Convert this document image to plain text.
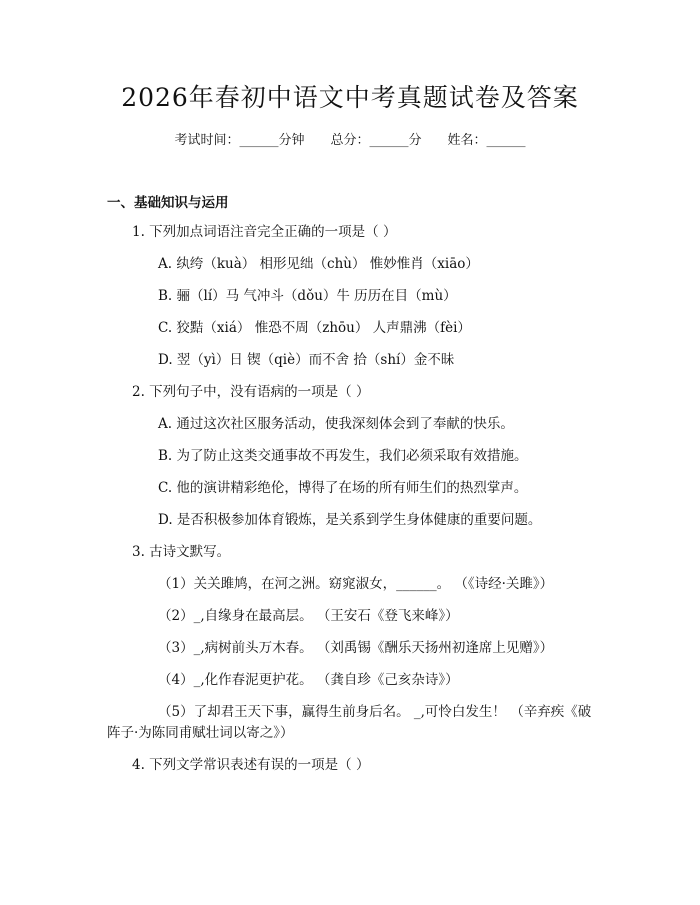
2026年春初中语文中考真题试卷及答案
考试时间：______分钟 总分：______分 姓名：______
一、基础知识与运用
1. 下列加点词语注音完全正确的一项是（ ）
A. 纨绔（kuà） 相形见绌（chù） 惟妙惟肖（xiāo）
B. 骊（lí）马 气冲斗（dǒu）牛 历历在目（mù）
C. 狡黠（xiá） 惟恐不周（zhōu） 人声鼎沸（fèi）
D. 翌（yì）日 锲（qiè）而不舍 拾（shí）金不昧
2. 下列句子中，没有语病的一项是（ ）
A. 通过这次社区服务活动，使我深刻体会到了奉献的快乐。
B. 为了防止这类交通事故不再发生，我们必须采取有效措施。
C. 他的演讲精彩绝伦，博得了在场的所有师生们的热烈掌声。
D. 是否积极参加体育锻炼，是关系到学生身体健康的重要问题。
3. 古诗文默写。
（1）关关雎鸠，在河之洲。窈窕淑女，______。 （《诗经·关雎》）
（2）_,自缘身在最高层。 （王安石《登飞来峰》）
（3）_,病树前头万木春。 （刘禹锡《酬乐天扬州初逢席上见赠》）
（4）_,化作春泥更护花。 （龚自珍《己亥杂诗》）
（5）了却君王天下事，赢得生前身后名。 _,可怜白发生！ （辛弃疾《破
阵子·为陈同甫赋壮词以寄之》）
4. 下列文学常识表述有误的一项是（ ）
